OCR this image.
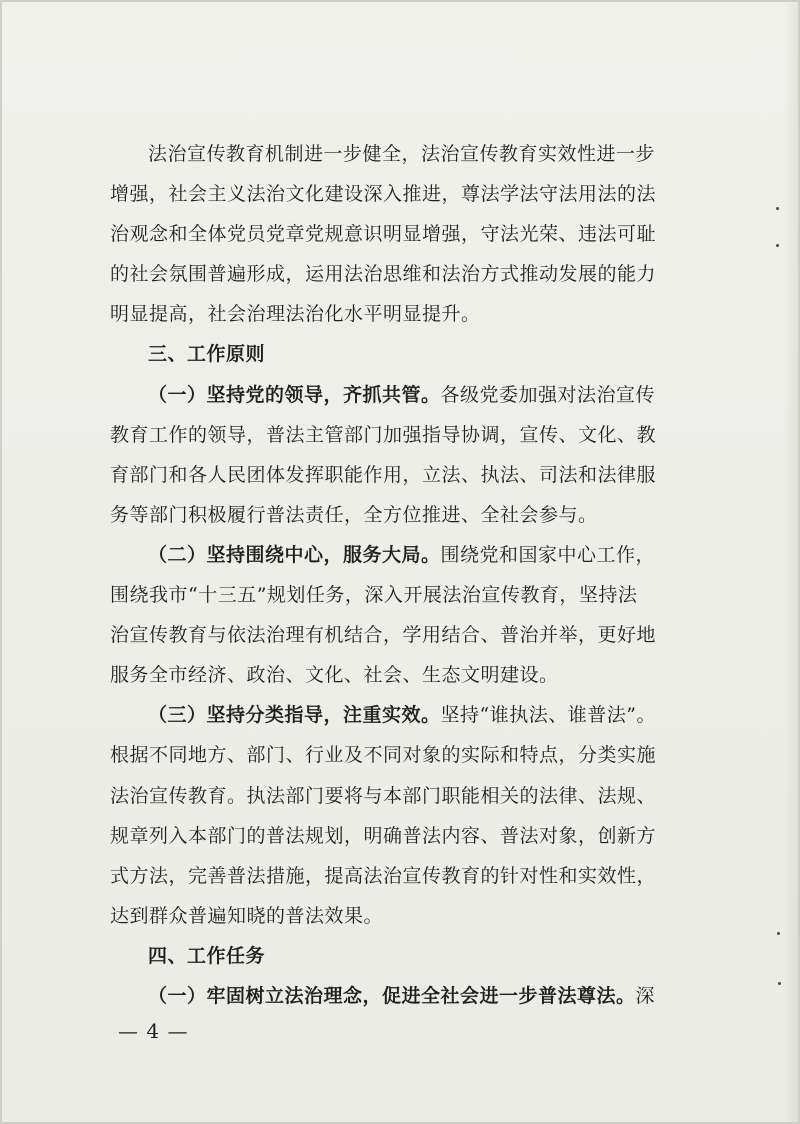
法治宣传教育机制进一步健全，法治宣传教育实效性进一步
增强，社会主义法治文化建设深入推进，尊法学法守法用法的法
治观念和全体党员党章党规意识明显增强，守法光荣、违法可耻
的社会氛围普遍形成，运用法治思维和法治方式推动发展的能力
明显提高，社会治理法治化水平明显提升。
三、工作原则
（一）坚持党的领导，齐抓共管。各级党委加强对法治宣传
教育工作的领导，普法主管部门加强指导协调，宣传、文化、教
育部门和各人民团体发挥职能作用，立法、执法、司法和法律服
务等部门积极履行普法责任，全方位推进、全社会参与。
（二）坚持围绕中心，服务大局。围绕党和国家中心工作，
围绕我市“十三五”规划任务，深入开展法治宣传教育，坚持法
治宣传教育与依法治理有机结合，学用结合、普治并举，更好地
服务全市经济、政治、文化、社会、生态文明建设。
（三）坚持分类指导，注重实效。坚持“谁执法、谁普法”。
根据不同地方、部门、行业及不同对象的实际和特点，分类实施
法治宣传教育。执法部门要将与本部门职能相关的法律、法规、
规章列入本部门的普法规划，明确普法内容、普法对象，创新方
式方法，完善普法措施，提高法治宣传教育的针对性和实效性，
达到群众普遍知晓的普法效果。
四、工作任务
（一）牢固树立法治理念，促进全社会进一步普法尊法。深
— 4 —
